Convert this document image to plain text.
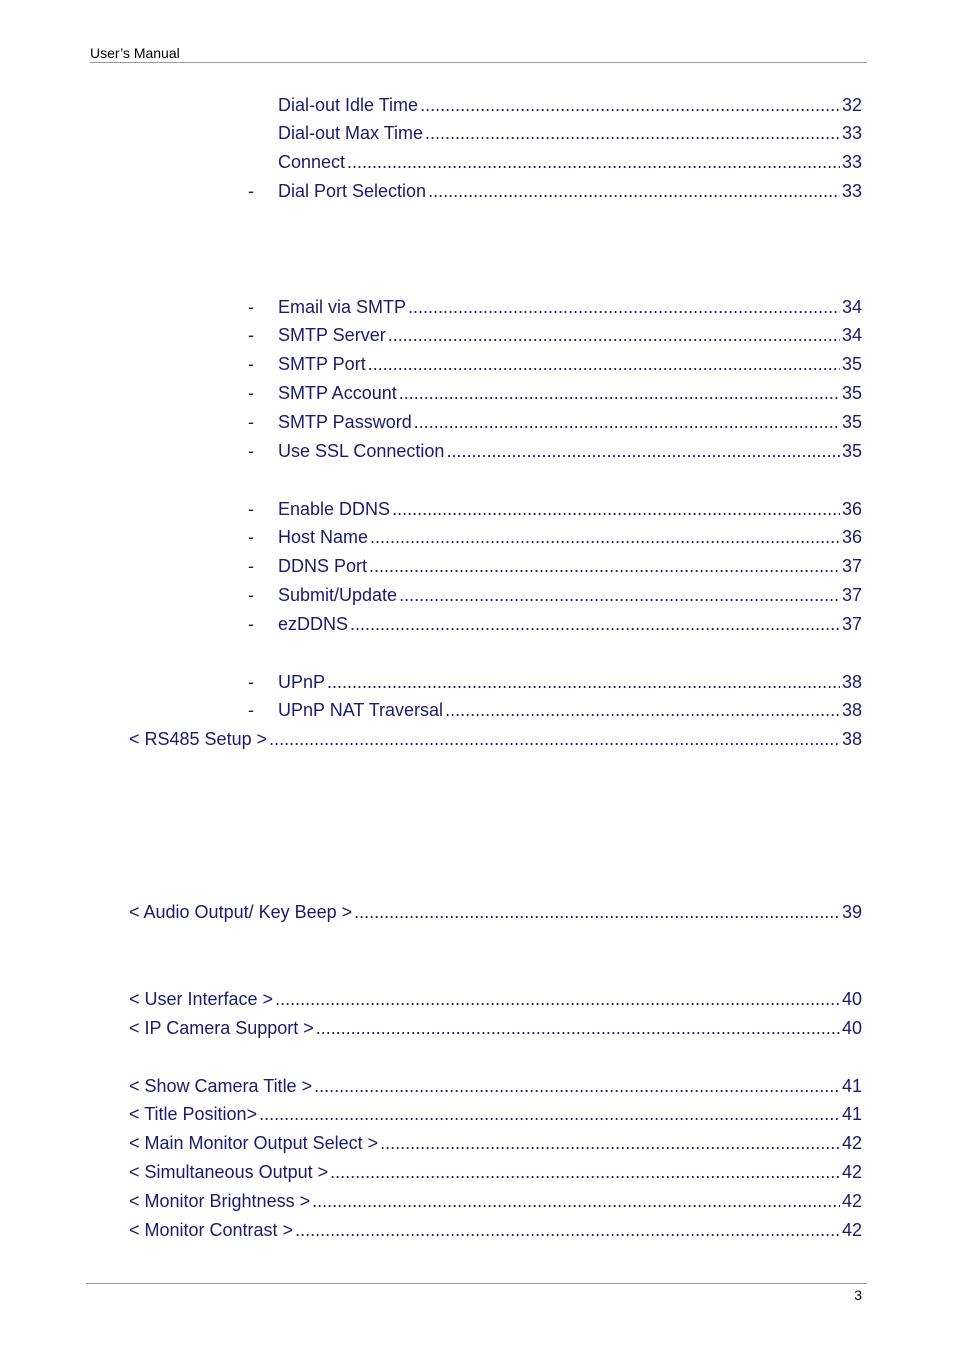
User’s Manual
Dial-out Idle Time .....	32
Dial-out Max Time .....	33
Connect .....	33
- Dial Port Selection .....	33
- Email via SMTP .....	34
- SMTP Server .....	34
- SMTP Port .....	35
- SMTP Account .....	35
- SMTP Password .....	35
- Use SSL Connection .....	35
- Enable DDNS .....	36
- Host Name .....	36
- DDNS Port .....	37
- Submit/Update .....	37
- ezDDNS .....	37
- UPnP .....	38
- UPnP NAT Traversal .....	38
< RS485 Setup > .....	38
< Audio Output/ Key Beep > .....	39
< User Interface > .....	40
< IP Camera Support > .....	40
< Show Camera Title > .....	41
< Title Position> .....	41
< Main Monitor Output Select > .....	42
< Simultaneous Output > .....	42
< Monitor Brightness > .....	42
< Monitor Contrast > .....	42
3
